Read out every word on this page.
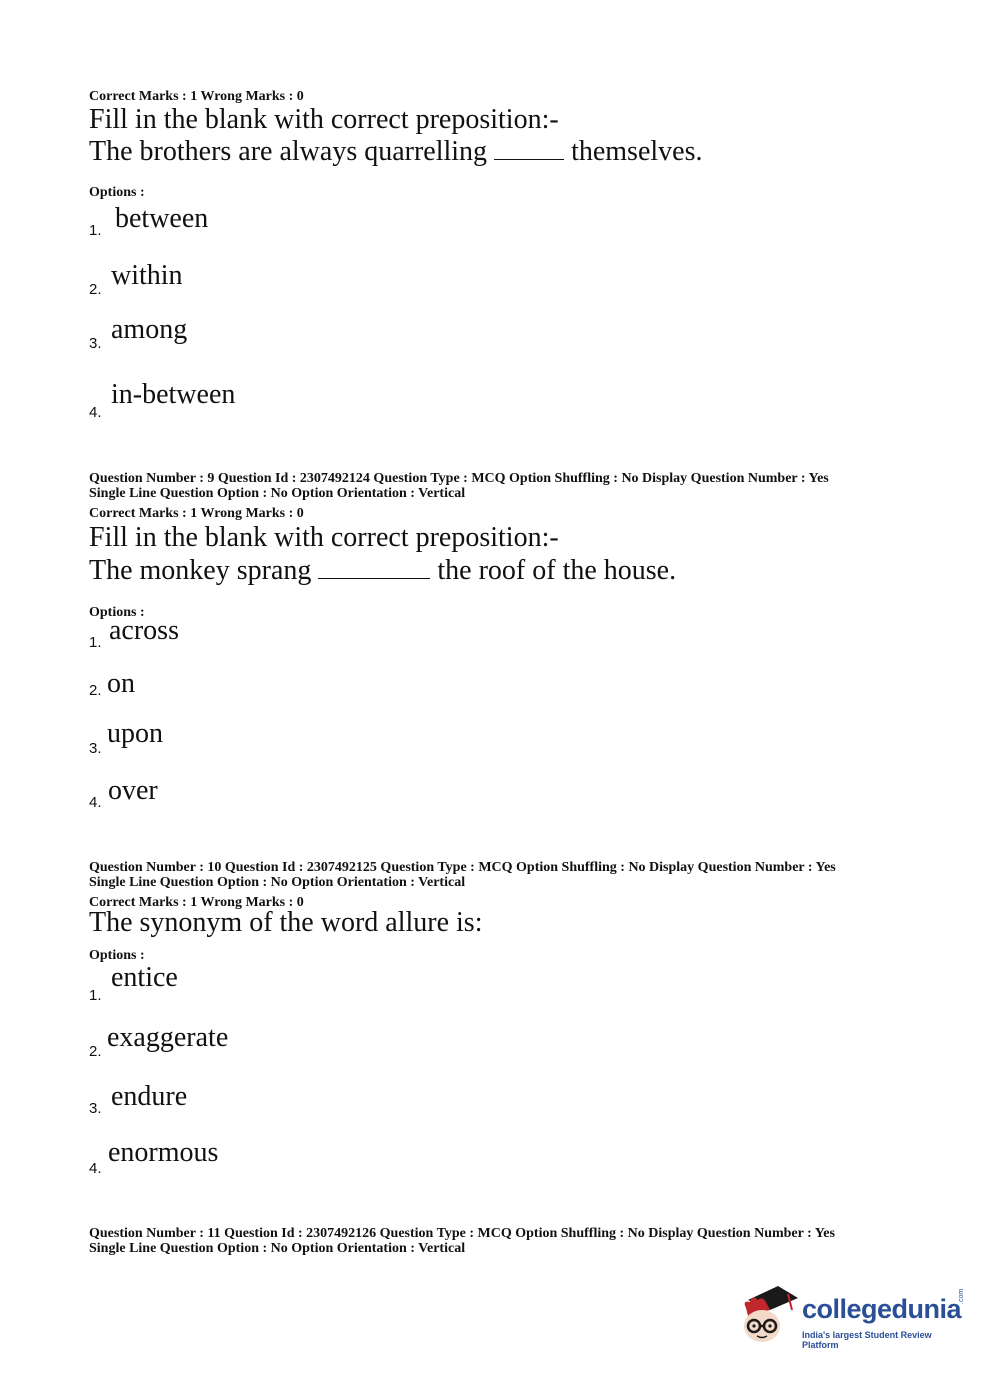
Correct Marks : 1 Wrong Marks : 0
Fill in the blank with correct preposition:-
The brothers are always quarrelling	themselves.
Options :
1. between
2. within
3. among
4.
in-between
Question Number : 9 Question Id : 2307492124 Question Type : MCQ Option Shuffling : No Display Question Number : Yes
Single Line Question Option : No Option Orientation : Vertical
Correct Marks : 1 Wrong Marks : 0
Fill in the blank with correct preposition:-
The monkey sprang	the roof of the house.
Options :
1. across
2. on
3. upon
4. over
Question Number : 10 Question Id : 2307492125 Question Type : MCQ Option Shuffling : No Display Question Number : Yes
Single Line Question Option : No Option Orientation : Vertical
Correct Marks : 1 Wrong Marks : 0
The synonym of the word allure is:
Options :
1.
entice
2. exaggerate
3. endure
4.
enormous
Question Number : 11 Question Id : 2307492126 Question Type : MCQ Option Shuffling : No Display Question Number : Yes
Single Line Question Option : No Option Orientation : Vertical
collegedunia
.com
India's largest Student Review Platform
